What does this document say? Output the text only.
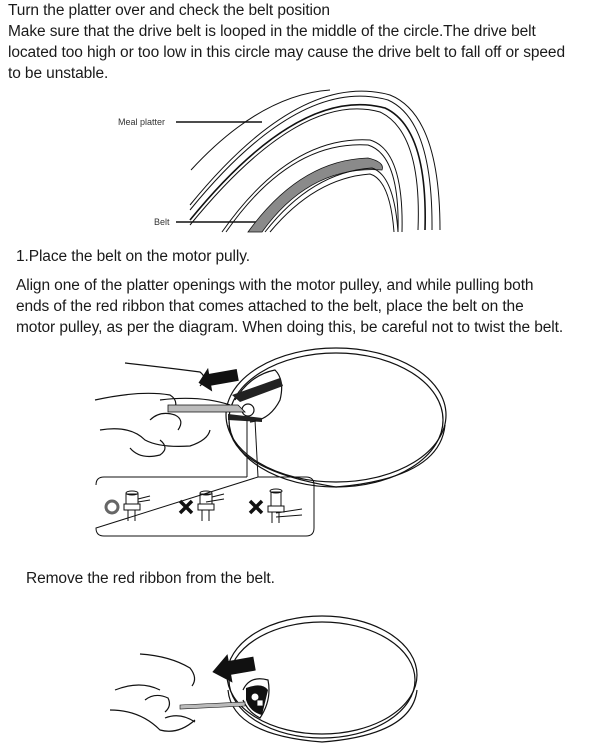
Turn the platter over and check the belt position
Make sure that the drive belt is looped in the middle of the circle.The drive belt
located too high or too low in this circle may cause the drive belt to fall off or speed
to be unstable.
Meal platter
Belt
1.Place the belt on the motor pully.
Align one of the platter openings with the motor pulley, and while pulling both
ends of the red ribbon that comes attached to the belt, place the belt on the
motor pulley, as per the diagram. When doing this, be careful not to twist the belt.
Remove the red ribbon from the belt.
